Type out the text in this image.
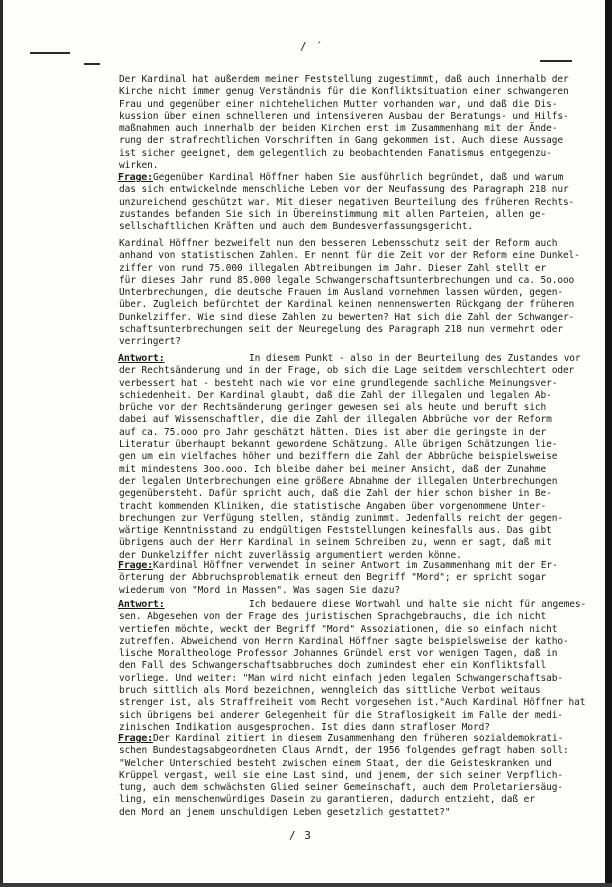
/ ´
Der Kardinal hat außerdem meiner Feststellung zugestimmt, daß auch innerhalb der
Kirche nicht immer genug Verständnis für die Konfliktsituation einer schwangeren
Frau und gegenüber einer nichtehelichen Mutter vorhanden war, und daß die Dis-
kussion über einen schnelleren und intensiveren Ausbau der Beratungs- und Hilfs-
maßnahmen auch innerhalb der beiden Kirchen erst im Zusammenhang mit der Ände-
rung der strafrechtlichen Vorschriften in Gang gekommen ist. Auch diese Aussage
ist sicher geeignet, dem gelegentlich zu beobachtenden Fanatismus entgegenzu-
wirken.
Frage: Gegenüber Kardinal Höffner haben Sie ausführlich begründet, daß und warum
das sich entwickelnde menschliche Leben vor der Neufassung des Paragraph 218 nur
unzureichend geschützt war. Mit dieser negativen Beurteilung des früheren Rechts-
zustandes befanden Sie sich in Übereinstimmung mit allen Parteien, allen ge-
sellschaftlichen Kräften und auch dem Bundesverfassungsgericht.
Kardinal Höffner bezweifelt nun den besseren Lebensschutz seit der Reform auch
anhand von statistischen Zahlen. Er nennt für die Zeit vor der Reform eine Dunkel-
ziffer von rund 75.000 illegalen Abtreibungen im Jahr. Dieser Zahl stellt er
für dieses Jahr rund 85.000 legale Schwangerschaftsunterbrechungen und ca. 5o.ooo
Unterbrechungen, die deutsche Frauen im Ausland vornehmen lassen würden, gegen-
über. Zugleich befürchtet der Kardinal keinen nennenswerten Rückgang der früheren
Dunkelziffer. Wie sind diese Zahlen zu bewerten? Hat sich die Zahl der Schwanger-
schaftsunterbrechungen seit der Neuregelung des Paragraph 218 nun vermehrt oder
verringert?
Antwort:	In diesem Punkt - also in der Beurteilung des Zustandes vor
der Rechtsänderung und in der Frage, ob sich die Lage seitdem verschlechtert oder
verbessert hat - besteht nach wie vor eine grundlegende sachliche Meinungsver-
schiedenheit. Der Kardinal glaubt, daß die Zahl der illegalen und legalen Ab-
brüche vor der Rechtsänderung geringer gewesen sei als heute und beruft sich
dabei auf Wissenschaftler, die die Zahl der illegalen Abbrüche vor der Reform
auf ca. 75.ooo pro Jahr geschätzt hätten. Dies ist aber die geringste in der
Literatur überhaupt bekannt gewordene Schätzung. Alle übrigen Schätzungen lie-
gen um ein vielfaches höher und beziffern die Zahl der Abbrüche beispielsweise
mit mindestens 3oo.ooo. Ich bleibe daher bei meiner Ansicht, daß der Zunahme
der legalen Unterbrechungen eine größere Abnahme der illegalen Unterbrechungen
gegenübersteht. Dafür spricht auch, daß die Zahl der hier schon bisher in Be-
tracht kommenden Kliniken, die statistische Angaben über vorgenommene Unter-
brechungen zur Verfügung stellen, ständig zunimmt. Jedenfalls reicht der gegen-
wärtige Kenntnisstand zu endgültigen Feststellungen keinesfalls aus. Das gibt
übrigens auch der Herr Kardinal in seinem Schreiben zu, wenn er sagt, daß mit
der Dunkelziffer nicht zuverlässig argumentiert werden könne.
Frage: Kardinal Höffner verwendet in seiner Antwort im Zusammenhang mit der Er-
örterung der Abbruchsproblematik erneut den Begriff "Mord"; er spricht sogar
wiederum von "Mord in Massen". Was sagen Sie dazu?
Antwort:	Ich bedauere diese Wortwahl und halte sie nicht für angemes-
sen. Abgesehen von der Frage des juristischen Sprachgebrauchs, die ich nicht
vertiefen möchte, weckt der Begriff "Mord" Assoziationen, die so einfach nicht
zutreffen. Abweichend von Herrn Kardinal Höffner sagte beispielsweise der katho-
lische Moraltheologe Professor Johannes Gründel erst vor wenigen Tagen, daß in
den Fall des Schwangerschaftsabbruches doch zumindest eher ein Konfliktsfall
vorliege. Und weiter: "Man wird nicht einfach jeden legalen Schwangerschaftsab-
bruch sittlich als Mord bezeichnen, wenngleich das sittliche Verbot weitaus
strenger ist, als Straffreiheit vom Recht vorgesehen ist."Auch Kardinal Höffner hat
sich übrigens bei anderer Gelegenheit für die Straflosigkeit im Falle der medi-
zinischen Indikation ausgesprochen. Ist dies dann strafloser Mord?
Frage: Der Kardinal zitiert in diesem Zusammenhang den früheren sozialdemokrati-
schen Bundestagsabgeordneten Claus Arndt, der 1956 folgendes gefragt haben soll:
"Welcher Unterschied besteht zwischen einem Staat, der die Geisteskranken und
Krüppel vergast, weil sie eine Last sind, und jenem, der sich seiner Verpflich-
tung, auch dem schwächsten Glied seiner Gemeinschaft, auch dem Proletariersäug-
ling, ein menschenwürdiges Dasein zu garantieren, dadurch entzieht, daß er
den Mord an jenem unschuldigen Leben gesetzlich gestattet?"
/ 3
